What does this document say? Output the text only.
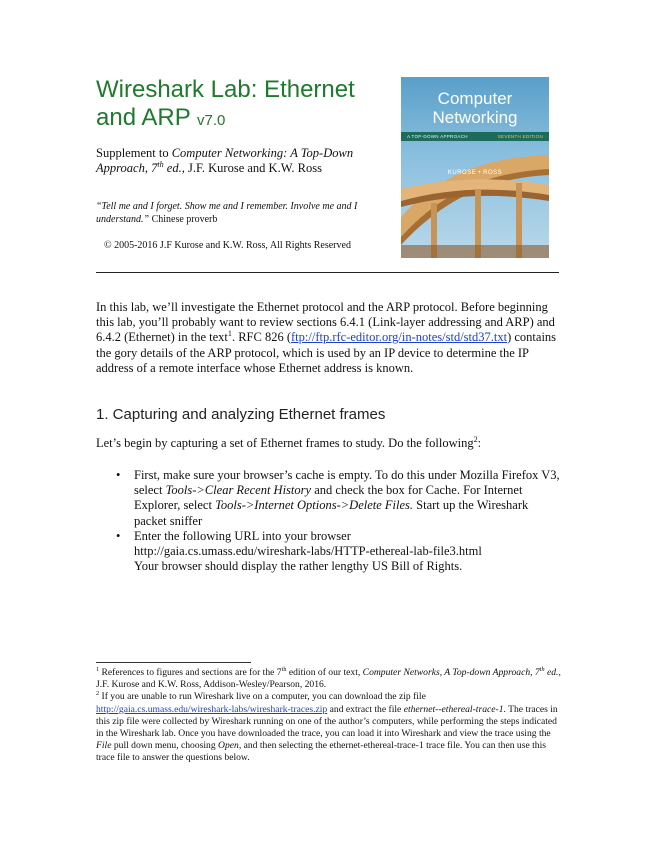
Wireshark Lab: Ethernet and ARP v7.0
Supplement to Computer Networking: A Top-Down Approach, 7th ed., J.F. Kurose and K.W. Ross
“Tell me and I forget. Show me and I remember. Involve me and I understand.” Chinese proverb
© 2005-2016 J.F Kurose and K.W. Ross, All Rights Reserved
Computer
Networking
A TOP-DOWN APPROACH	SEVENTH EDITION
KUROSE • ROSS
In this lab, we’ll investigate the Ethernet protocol and the ARP protocol. Before beginning this lab, you’ll probably want to review sections 6.4.1 (Link-layer addressing and ARP) and 6.4.2 (Ethernet) in the text$^1$. RFC 826 (ftp://ftp.rfc-editor.org/in-notes/std/std37.txt) contains the gory details of the ARP protocol, which is used by an IP device to determine the IP address of a remote interface whose Ethernet address is known.
1. Capturing and analyzing Ethernet frames
Let’s begin by capturing a set of Ethernet frames to study. Do the following$^2$:
• First, make sure your browser’s cache is empty. To do this under Mozilla Firefox V3, select Tools->Clear Recent History and check the box for Cache. For Internet Explorer, select Tools->Internet Options->Delete Files. Start up the Wireshark packet sniffer
• Enter the following URL into your browser
http://gaia.cs.umass.edu/wireshark-labs/HTTP-ethereal-lab-file3.html
Your browser should display the rather lengthy US Bill of Rights.

$^1$ References to figures and sections are for the 7th edition of our text, Computer Networks, A Top-down Approach, 7th ed., J.F. Kurose and K.W. Ross, Addison-Wesley/Pearson, 2016.

$^2$ If you are unable to run Wireshark live on a computer, you can download the zip file http://gaia.cs.umass.edu/wireshark-labs/wireshark-traces.zip and extract the file ethernet--ethereal-trace-1. The traces in this zip file were collected by Wireshark running on one of the author’s computers, while performing the steps indicated in the Wireshark lab. Once you have downloaded the trace, you can load it into Wireshark and view the trace using the File pull down menu, choosing Open, and then selecting the ethernet-ethereal-trace-1 trace file. You can then use this trace file to answer the questions below.
